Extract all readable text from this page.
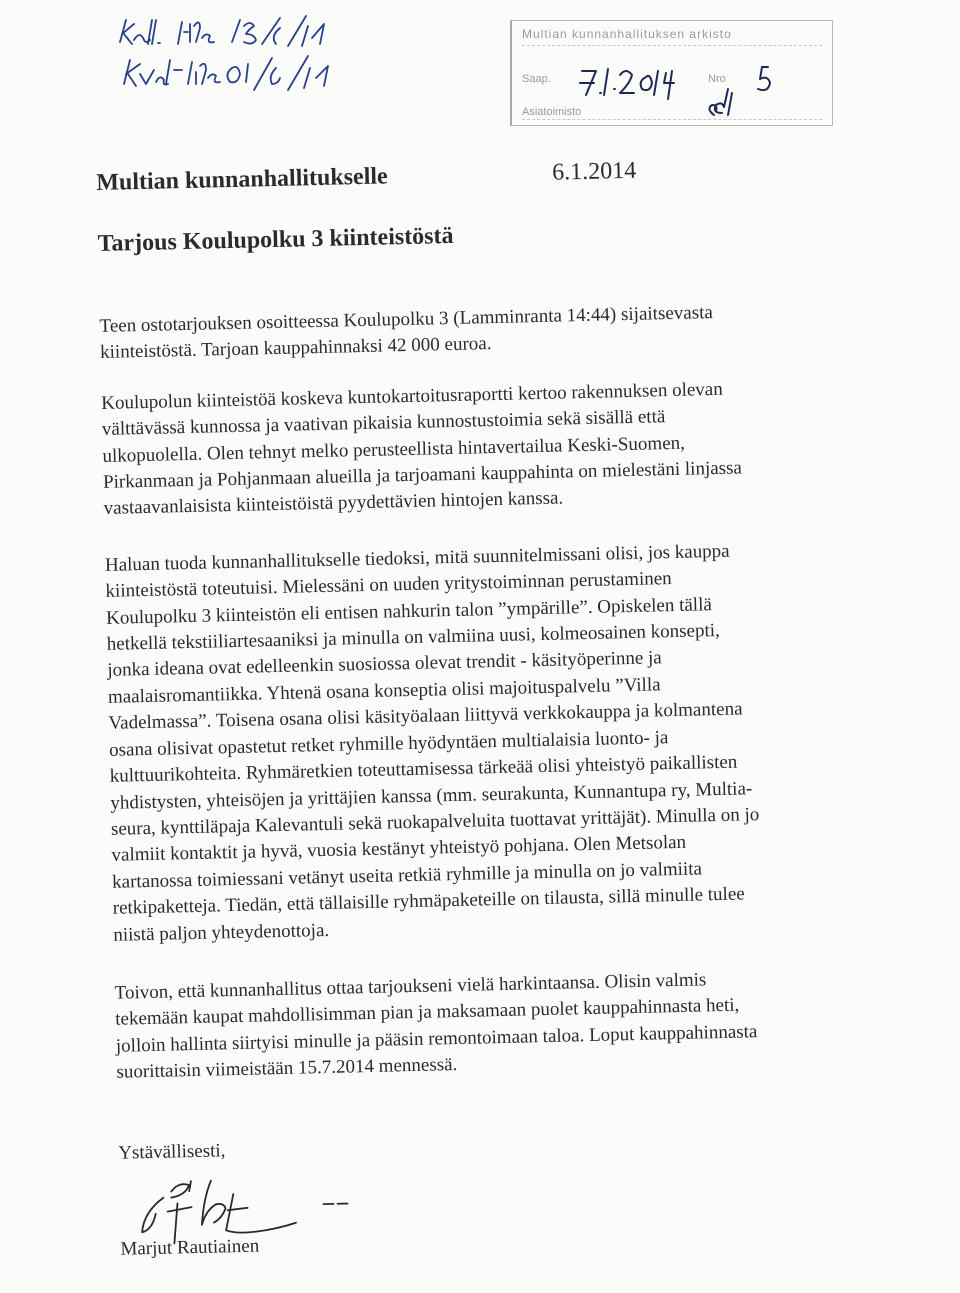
Multian kunnanhallituksen arkisto
Saap.	Nro
Asiatoimisto
Multian kunnanhallitukselle	6.1.2014
Tarjous Koulupolku 3 kiinteistöstä

Teen ostotarjouksen osoitteessa Koulupolku 3 (Lamminranta 14:44) sijaitsevasta
kiinteistöstä. Tarjoan kauppahinnaksi 42 000 euroa.

Koulupolun kiinteistöä koskeva kuntokartoitusraportti kertoo rakennuksen olevan
välttävässä kunnossa ja vaativan pikaisia kunnostustoimia sekä sisällä että
ulkopuolella. Olen tehnyt melko perusteellista hintavertailua Keski-Suomen,
Pirkanmaan ja Pohjanmaan alueilla ja tarjoamani kauppahinta on mielestäni linjassa
vastaavanlaisista kiinteistöistä pyydettävien hintojen kanssa.

Haluan tuoda kunnanhallitukselle tiedoksi, mitä suunnitelmissani olisi, jos kauppa
kiinteistöstä toteutuisi. Mielessäni on uuden yritystoiminnan perustaminen
Koulupolku 3 kiinteistön eli entisen nahkurin talon ”ympärille”. Opiskelen tällä
hetkellä tekstiiliartesaaniksi ja minulla on valmiina uusi, kolmeosainen konsepti,
jonka ideana ovat edelleenkin suosiossa olevat trendit - käsityöperinne ja
maalaisromantiikka. Yhtenä osana konseptia olisi majoituspalvelu ”Villa
Vadelmassa”. Toisena osana olisi käsityöalaan liittyvä verkkokauppa ja kolmantena
osana olisivat opastetut retket ryhmille hyödyntäen multialaisia luonto- ja
kulttuurikohteita. Ryhmäretkien toteuttamisessa tärkeää olisi yhteistyö paikallisten
yhdistysten, yhteisöjen ja yrittäjien kanssa (mm. seurakunta, Kunnantupa ry, Multia-
seura, kynttiläpaja Kalevantuli sekä ruokapalveluita tuottavat yrittäjät). Minulla on jo
valmiit kontaktit ja hyvä, vuosia kestänyt yhteistyö pohjana. Olen Metsolan
kartanossa toimiessani vetänyt useita retkiä ryhmille ja minulla on jo valmiita
retkipaketteja. Tiedän, että tällaisille ryhmäpaketeille on tilausta, sillä minulle tulee
niistä paljon yhteydenottoja.

Toivon, että kunnanhallitus ottaa tarjoukseni vielä harkintaansa. Olisin valmis
tekemään kaupat mahdollisimman pian ja maksamaan puolet kauppahinnasta heti,
jolloin hallinta siirtyisi minulle ja pääsin remontoimaan taloa. Loput kauppahinnasta
suorittaisin viimeistään 15.7.2014 mennessä.

Ystävällisesti,
Marjut Rautiainen
